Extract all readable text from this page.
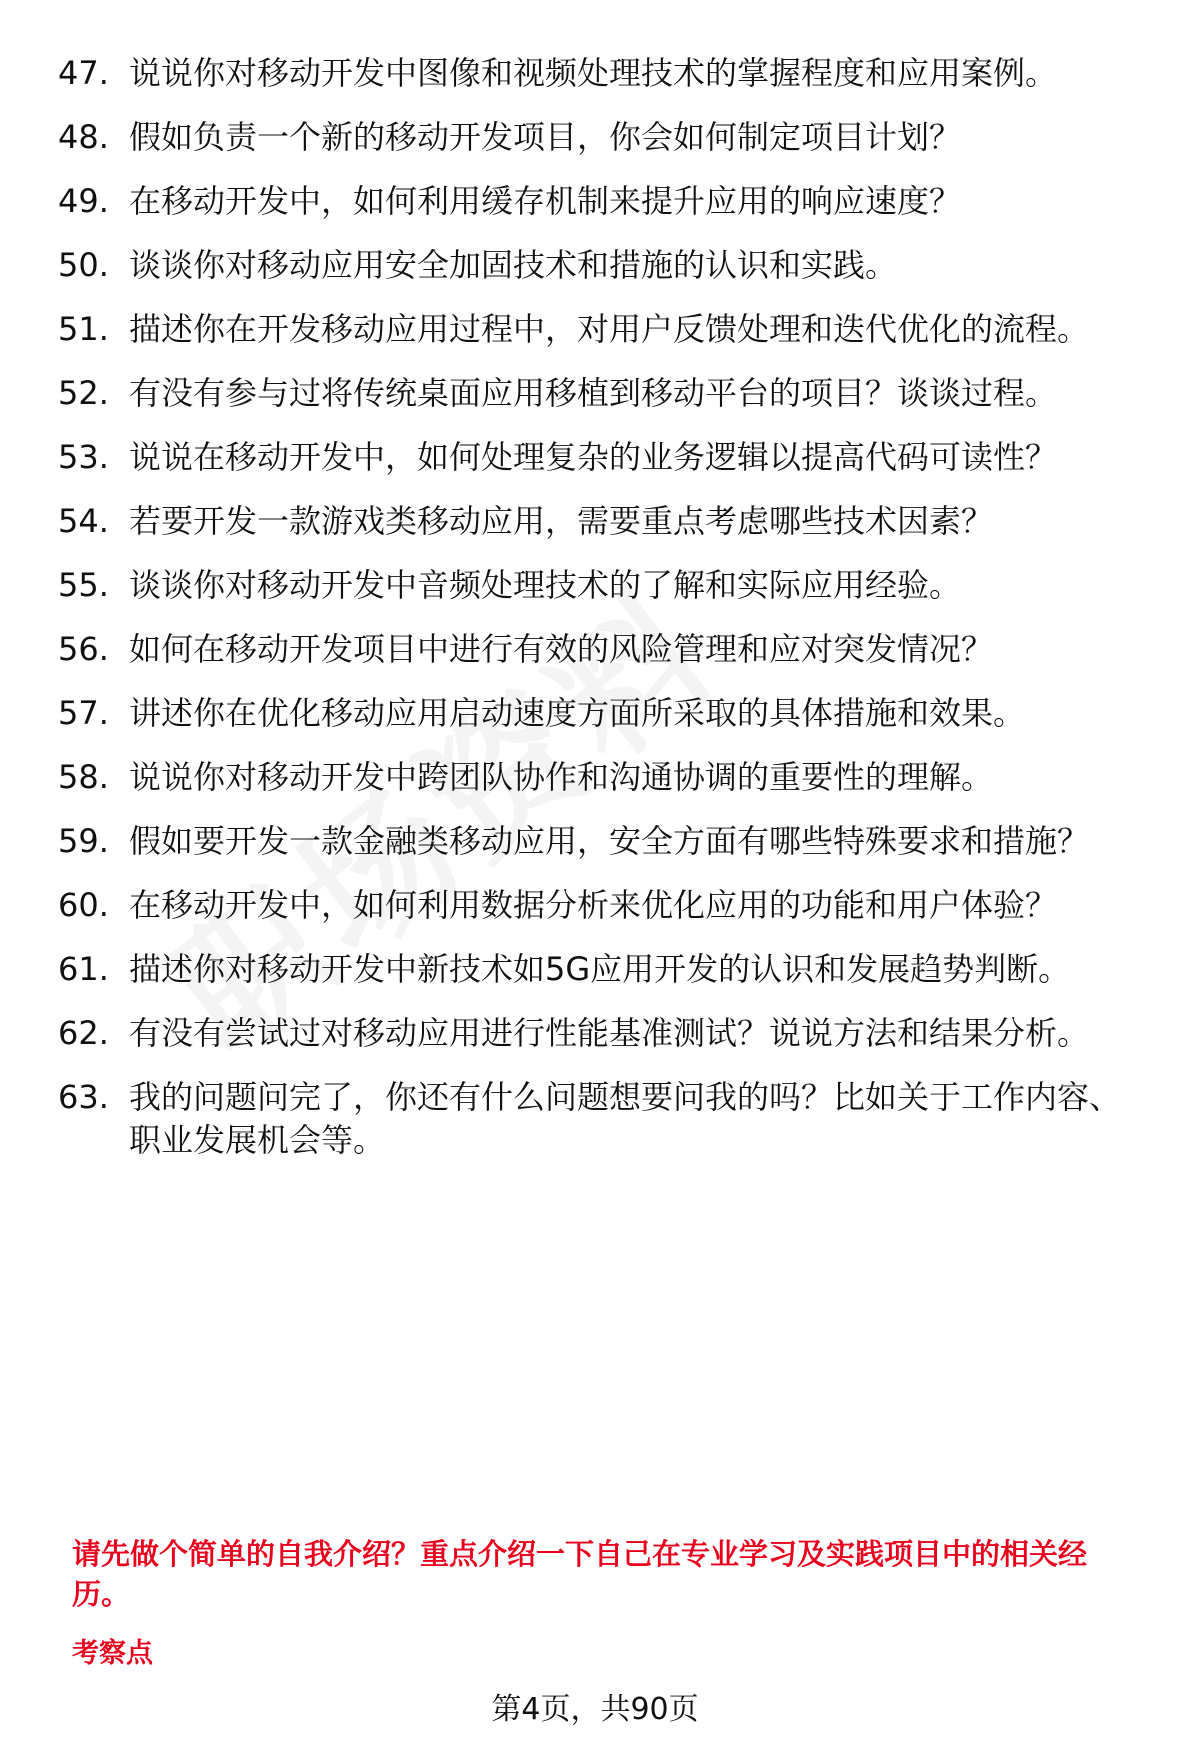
47. 说说你对移动开发中图像和视频处理技术的掌握程度和应用案例。
48. 假如负责一个新的移动开发项目，你会如何制定项目计划？
49. 在移动开发中，如何利用缓存机制来提升应用的响应速度？
50. 谈谈你对移动应用安全加固技术和措施的认识和实践。
51. 描述你在开发移动应用过程中，对用户反馈处理和迭代优化的流程。
52. 有没有参与过将传统桌面应用移植到移动平台的项目？谈谈过程。
53. 说说在移动开发中，如何处理复杂的业务逻辑以提高代码可读性？
54. 若要开发一款游戏类移动应用，需要重点考虑哪些技术因素？
55. 谈谈你对移动开发中音频处理技术的了解和实际应用经验。
56. 如何在移动开发项目中进行有效的风险管理和应对突发情况？
57. 讲述你在优化移动应用启动速度方面所采取的具体措施和效果。
58. 说说你对移动开发中跨团队协作和沟通协调的重要性的理解。
59. 假如要开发一款金融类移动应用，安全方面有哪些特殊要求和措施？
60. 在移动开发中，如何利用数据分析来优化应用的功能和用户体验？
61. 描述你对移动开发中新技术如5G应用开发的认识和发展趋势判断。
62. 有没有尝试过对移动应用进行性能基准测试？说说方法和结果分析。
63. 我的问题问完了，你还有什么问题想要问我的吗？比如关于工作内容、职业发展机会等。
请先做个简单的自我介绍？重点介绍一下自己在专业学习及实践项目中的相关经历。
考察点
第4页，共90页
